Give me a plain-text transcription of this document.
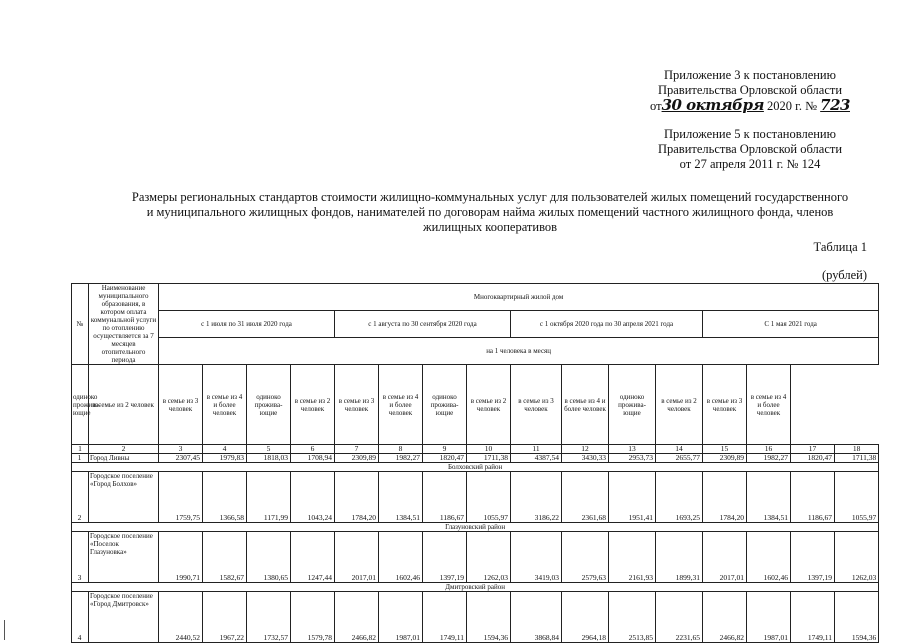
Приложение 3 к постановлению
Правительства Орловской области
от30 октября 2020 г. № 723
Приложение 5 к постановлению
Правительства Орловской области
от 27 апреля 2011 г. № 124
Размеры региональных стандартов стоимости жилищно-коммунальных услуг для пользователей жилых помещений государственного
и муниципального жилищных фондов, нанимателей по договорам найма жилых помещений частного жилищного фонда, членов
жилищных кооперативов
Таблица 1
(рублей)
№	Наименование муниципального образования, в котором оплата коммунальной услуги по отоплению осуществляется за 7 месяцев отопительного периода	Многоквартирный жилой дом															
		с 1 июля по 31 июля 2020 года				с 1 августа по 30 сентября 2020 года				с 1 октября 2020 года по 30 апреля 2021 года				С 1 мая 2021 года			
		на 1 человека в месяц															
одиноко прожива-ющие	в семье из 2 человек	в семье из 3 человек	в семье из 4 и более человек	одиноко прожива-ющие	в семье из 2 человек	в семье из 3 человек	в семье из 4 и более человек	одиноко прожива-ющие	в семье из 2 человек	в семье из 3 человек	в семье из 4 и более человек	одиноко прожива-ющие	в семье из 2 человек	в семье из 3 человек	в семье из 4 и более человек		
1	2	3	4	5	6	7	8	9	10	11	12	13	14	15	16	17	18
1	Город Ливны	2307,45	1979,83	1818,03	1708,94	2309,89	1982,27	1820,47	1711,38	4387,54	3430,33	2953,73	2655,77	2309,89	1982,27	1820,47	1711,38
Болховский район																	
2	Городское поселение «Город Болхов»	1759,75	1366,58	1171,99	1043,24	1784,20	1384,51	1186,67	1055,97	3186,22	2361,68	1951,41	1693,25	1784,20	1384,51	1186,67	1055,97
Глазуновский район																	
3	Городское поселение «Поселок Глазуновка»	1990,71	1582,67	1380,65	1247,44	2017,01	1602,46	1397,19	1262,03	3419,03	2579,63	2161,93	1899,31	2017,01	1602,46	1397,19	1262,03
Дмитровский район																	
4	Городское поселение «Город Дмитровск»	2440,52	1967,22	1732,57	1579,78	2466,82	1987,01	1749,11	1594,36	3868,84	2964,18	2513,85	2231,65	2466,82	1987,01	1749,11	1594,36
